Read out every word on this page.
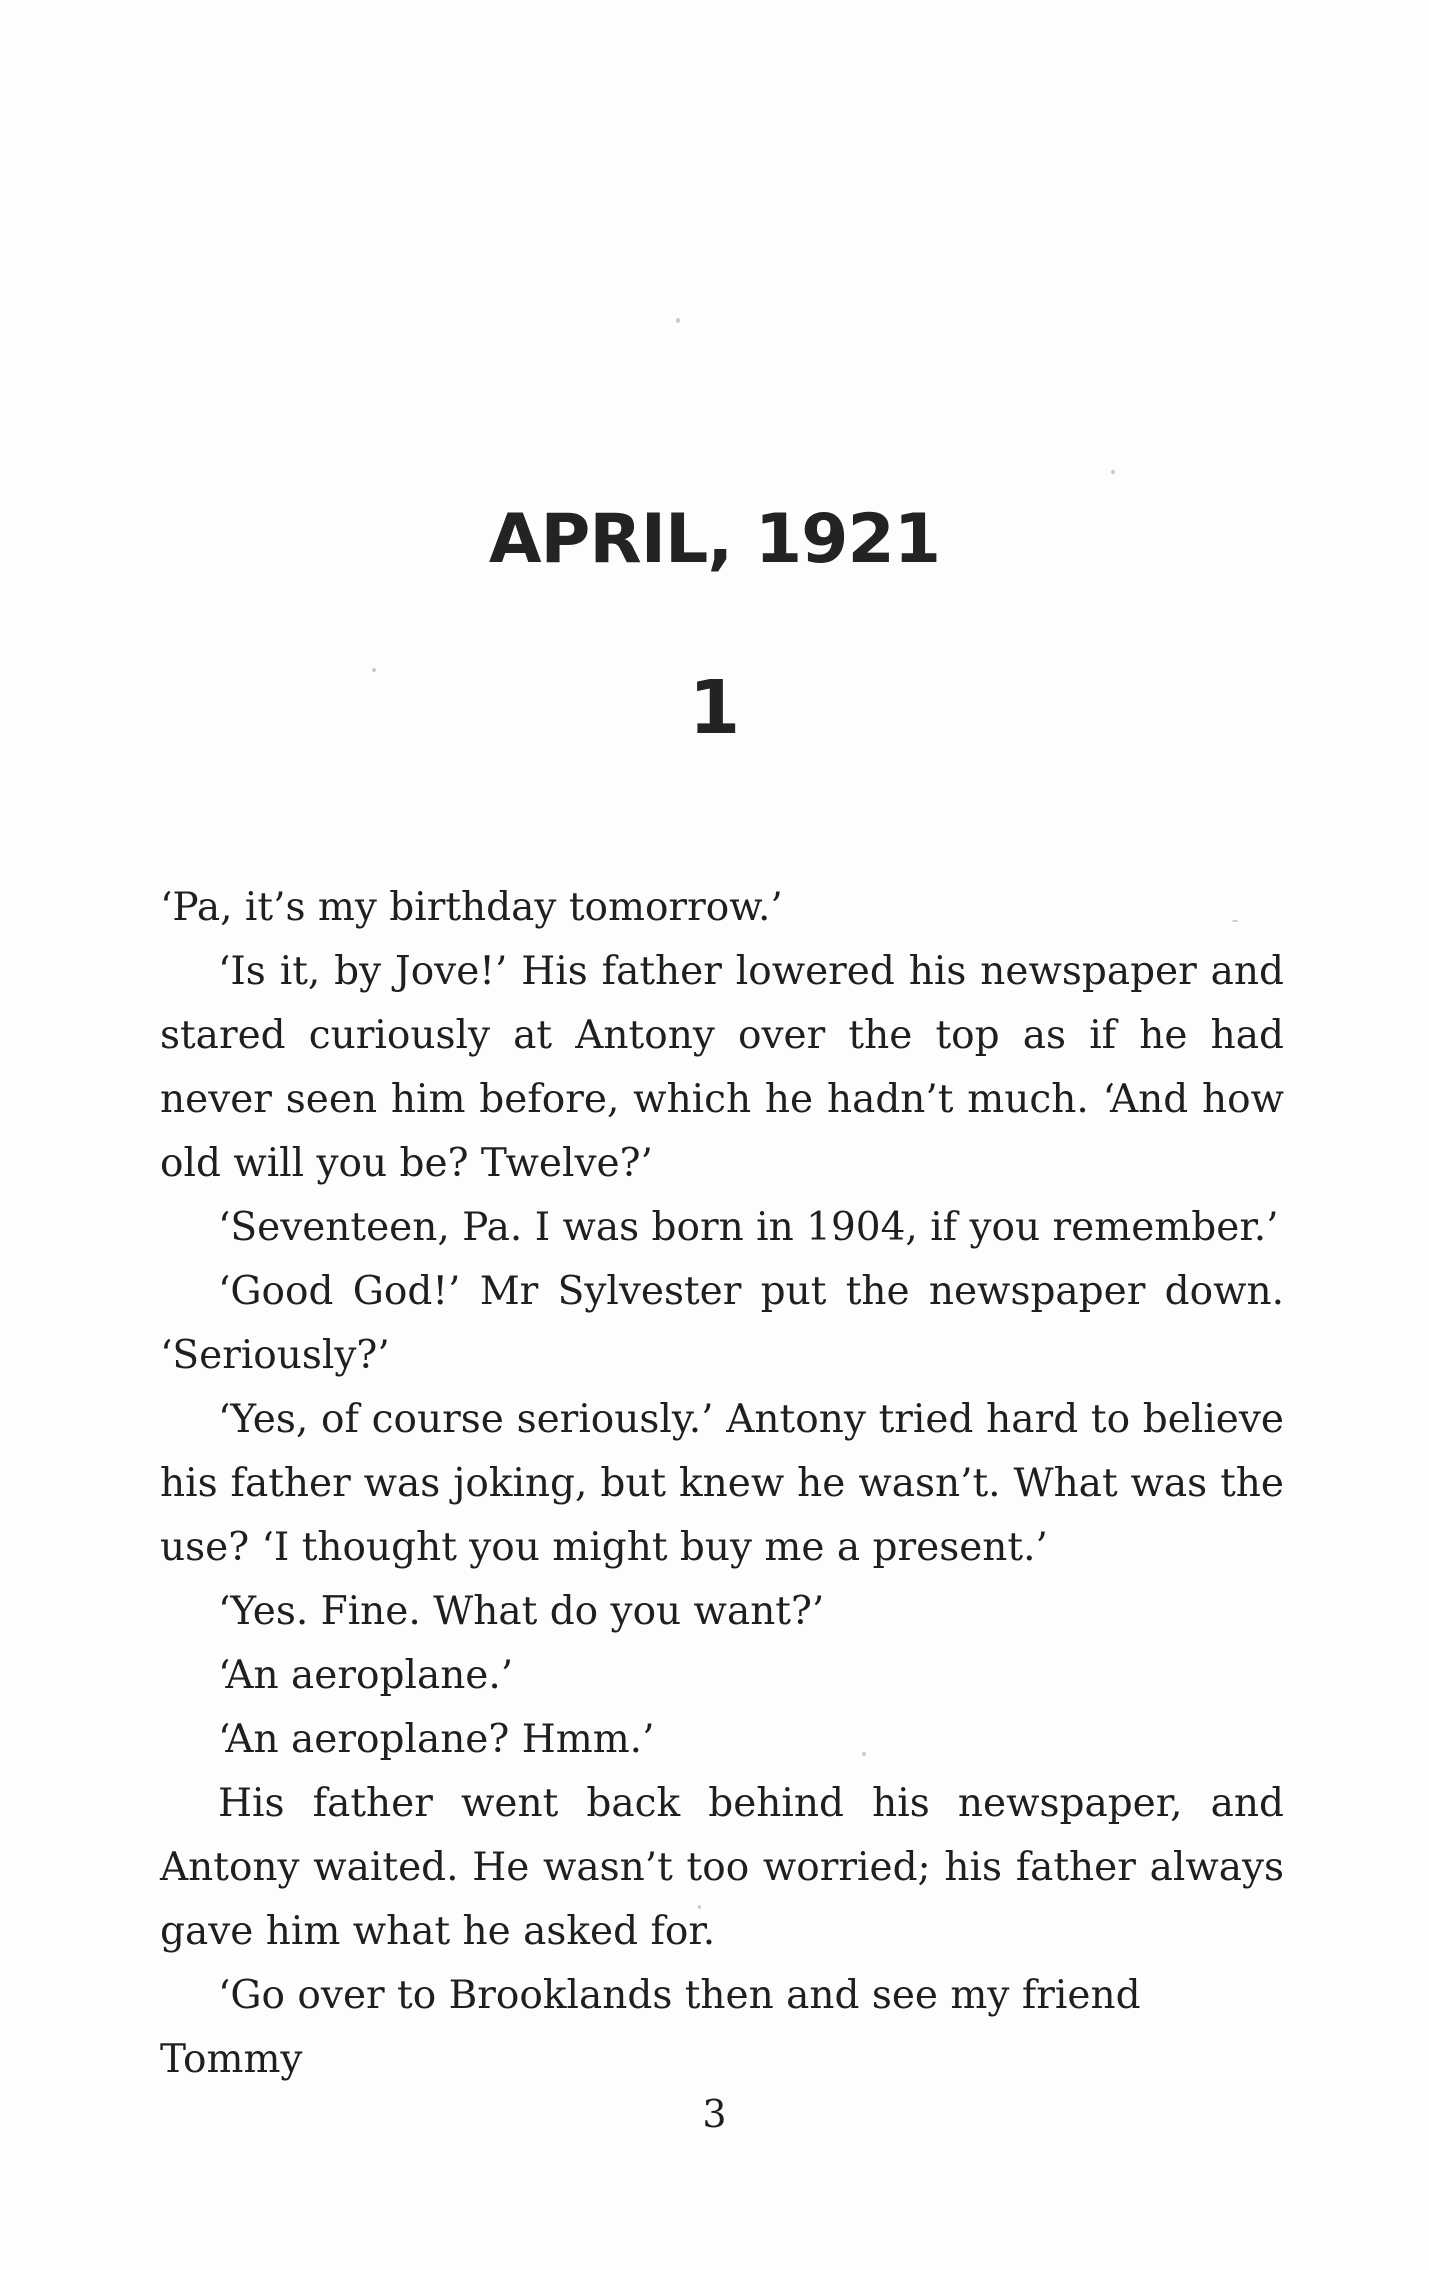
APRIL, 1921
1

‘Pa, it’s my birthday tomorrow.’

‘Is it, by Jove!’ His father lowered his newspaper and stared curiously at Antony over the top as if he had never seen him before, which he hadn’t much. ‘And how old will you be? Twelve?’

‘Seventeen, Pa. I was born in 1904, if you remember.’

‘Good God!’ Mr Sylvester put the newspaper down. ‘Seriously?’

‘Yes, of course seriously.’ Antony tried hard to believe his father was joking, but knew he wasn’t. What was the use? ‘I thought you might buy me a present.’

‘Yes. Fine. What do you want?’

‘An aeroplane.’

‘An aeroplane? Hmm.’

His father went back behind his newspaper, and Antony waited. He wasn’t too worried; his father always gave him what he asked for.

‘Go over to Brooklands then and see my friend Tommy

3
